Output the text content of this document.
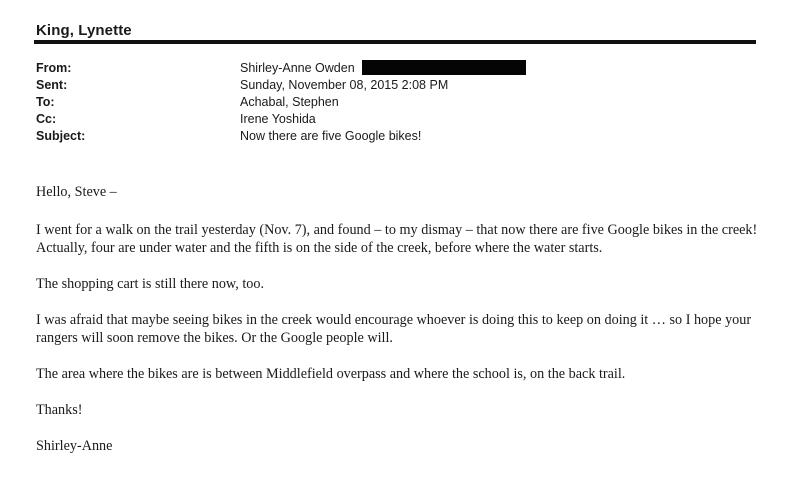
King, Lynette
From:	Shirley-Anne Owden
Sent:	Sunday, November 08, 2015 2:08 PM
To:	Achabal, Stephen
Cc:	Irene Yoshida
Subject:	Now there are five Google bikes!

Hello, Steve –

I went for a walk on the trail yesterday (Nov. 7), and found – to my dismay – that now there are five Google bikes in the creek! Actually, four are under water and the fifth is on the side of the creek, before where the water starts.

The shopping cart is still there now, too.

I was afraid that maybe seeing bikes in the creek would encourage whoever is doing this to keep on doing it … so I hope your rangers will soon remove the bikes. Or the Google people will.

The area where the bikes are is between Middlefield overpass and where the school is, on the back trail.

Thanks!

Shirley-Anne
